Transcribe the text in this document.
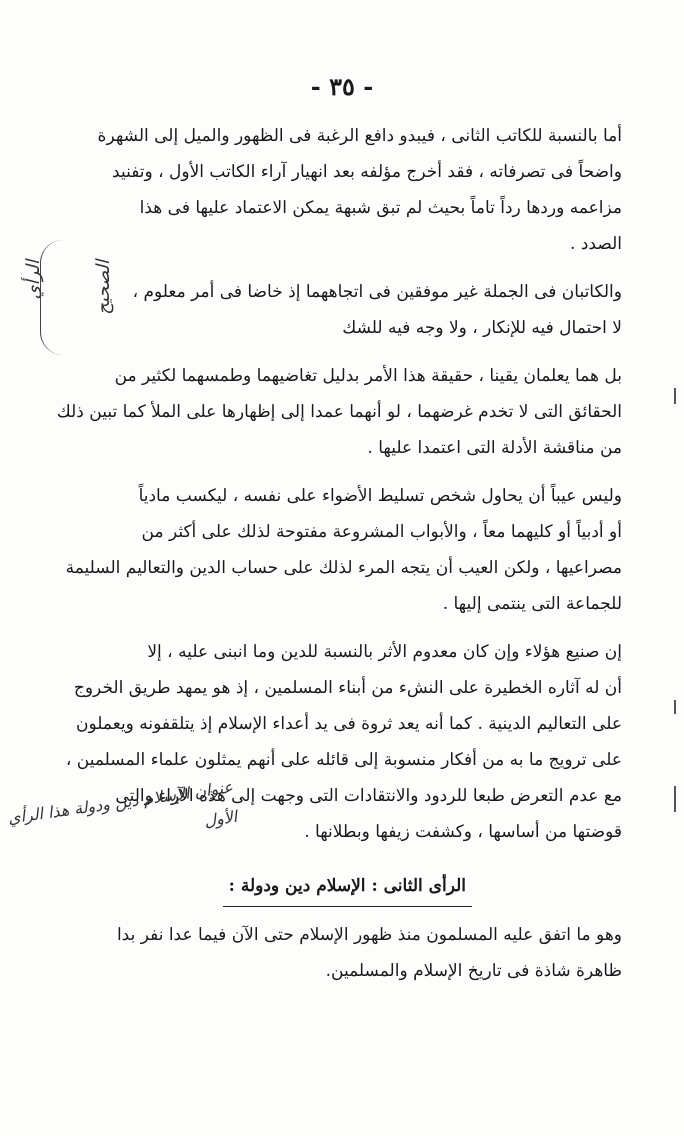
- ٣٥ -
أما بالنسبة للكاتب الثانى ، فيبدو دافع الرغبة فى الظهور والميل إلى الشهرة
واضحاً فى تصرفاته ، فقد أخرج مؤلفه بعد انهيار آراء الكاتب الأول ، وتفنيد
مزاعمه وردها رداً تاماً بحيث لم تبق شبهة يمكن الاعتماد عليها فى هذا
الصدد .
والكاتبان فى الجملة غير موفقين فى اتجاههما إذ خاضا فى أمر معلوم ،
لا احتمال فيه للإنكار ، ولا وجه فيه للشك
بل هما يعلمان يقينا ، حقيقة هذا الأمر بدليل تغاضيهما وطمسهما لكثير من
الحقائق التى لا تخدم غرضهما ، لو أنهما عمدا إلى إظهارها على الملأ كما تبين ذلك
من مناقشة الأدلة التى اعتمدا عليها .
وليس عيباً أن يحاول شخص تسليط الأضواء على نفسه ، ليكسب مادياً
أو أدبياً أو كليهما معاً ، والأبواب المشروعة مفتوحة لذلك على أكثر من
مصراعيها ، ولكن العيب أن يتجه المرء لذلك على حساب الدين والتعاليم السليمة
للجماعة التى ينتمى إليها .
إن صنيع هؤلاء وإن كان معدوم الأثر بالنسبة للدين وما انبنى عليه ، إلا
أن له آثاره الخطيرة على النشء من أبناء المسلمين ، إذ هو يمهد طريق الخروج
على التعاليم الدينية . كما أنه يعد ثروة فى يد أعداء الإسلام إذ يتلقفونه ويعملون
على ترويج ما به من أفكار منسوبة إلى قائله على أنهم يمثلون علماء المسلمين ،
مع عدم التعرض طبعا للردود والانتقادات التى وجهت إلى هذه الآراء والتى
قوضتها من أساسها ، وكشفت زيفها وبطلانها .
الرأى الثانى : الإسلام دين ودولة :
وهو ما اتفق عليه المسلمون منذ ظهور الإسلام حتى الآن فيما عدا نفر بدا
ظاهرة شاذة فى تاريخ الإسلام والمسلمين.
الرأي الصحيح
عنوان الإسلام دين ودولة هذا الرأي الأول
